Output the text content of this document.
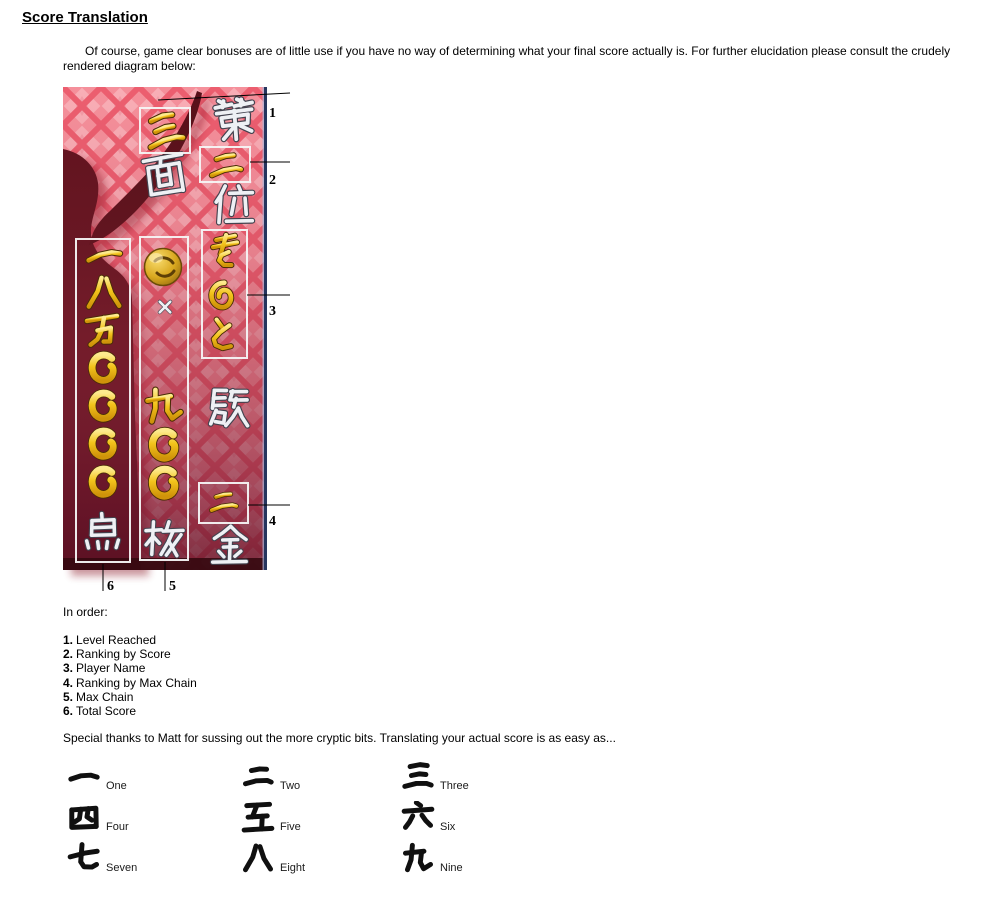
Score Translation

Of course, game clear bonuses are of little use if you have no way of determining what your final score actually is. For further elucidation please consult the crudely rendered diagram below:

1
2
3
4
5
6
In order:
1. Level Reached
2. Ranking by Score
3. Player Name
4. Ranking by Max Chain
5. Max Chain
6. Total Score

Special thanks to Matt for sussing out the more cryptic bits. Translating your actual score is as easy as...

One	Two	Three
Four	Five	Six
Seven	Eight	Nine
